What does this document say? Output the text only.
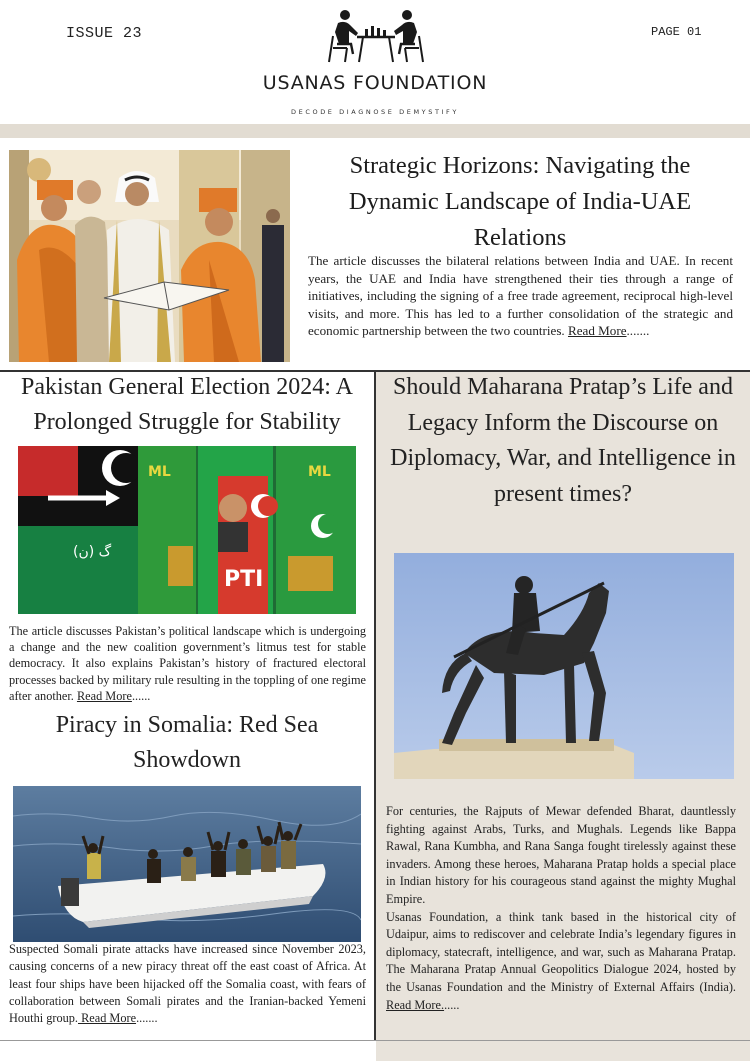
ISSUE 23	PAGE 01
USANAS FOUNDATION
DECODE DIAGNOSE DEMYSTIFY
Strategic Horizons: Navigating the Dynamic Landscape of India-UAE Relations
The article discusses the bilateral relations between India and UAE. In recent years, the UAE and India have strengthened their ties through a range of initiatives, including the signing of a free trade agreement, reciprocal high-level visits, and more. This has led to a further consolidation of the strategic and economic partnership between the two countries. Read More.......
Pakistan General Election 2024: A Prolonged Struggle for Stability
(ن) گ
ML	ML
PTI
The article discusses Pakistan’s political landscape which is undergoing a change and the new coalition government’s litmus test for stable democracy. It also explains Pakistan’s history of fractured electoral processes backed by military rule resulting in the toppling of one regime after another. Read More......
Piracy in Somalia: Red Sea Showdown
Suspected Somali pirate attacks have increased since November 2023, causing concerns of a new piracy threat off the east coast of Africa. At least four ships have been hijacked off the Somalia coast, with fears of collaboration between Somali pirates and the Iranian-backed Yemeni Houthi group. Read More.......
Should Maharana Pratap’s Life and Legacy Inform the Discourse on Diplomacy, War, and Intelligence in present times?
For centuries, the Rajputs of Mewar defended Bharat, dauntlessly fighting against Arabs, Turks, and Mughals. Legends like Bappa Rawal, Rana Kumbha, and Rana Sanga fought tirelessly against these invaders. Among these heroes, Maharana Pratap holds a special place in Indian history for his courageous stand against the mighty Mughal Empire.
Usanas Foundation, a think tank based in the historical city of Udaipur, aims to rediscover and celebrate India’s legendary figures in diplomacy, statecraft, intelligence, and war, such as Maharana Pratap. The Maharana Pratap Annual Geopolitics Dialogue 2024, hosted by the Usanas Foundation and the Ministry of External Affairs (India). Read More......
